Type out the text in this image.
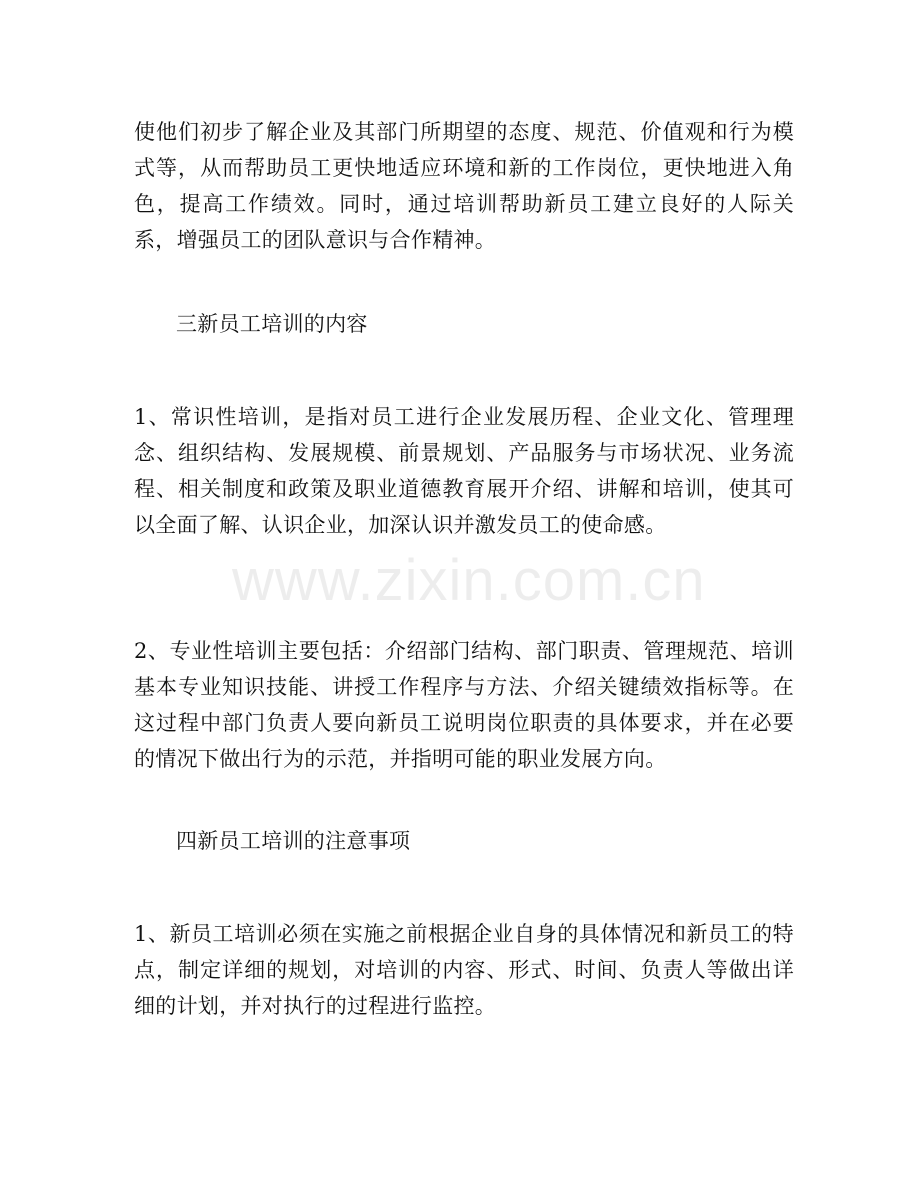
使他们初步了解企业及其部门所期望的态度、规范、价值观和行为模式等，从而帮助员工更快地适应环境和新的工作岗位，更快地进入角色，提高工作绩效。同时，通过培训帮助新员工建立良好的人际关系，增强员工的团队意识与合作精神。

三新员工培训的内容

1、常识性培训，是指对员工进行企业发展历程、企业文化、管理理念、组织结构、发展规模、前景规划、产品服务与市场状况、业务流程、相关制度和政策及职业道德教育展开介绍、讲解和培训，使其可以全面了解、认识企业，加深认识并激发员工的使命感。

www.zixin.com.cn

2、专业性培训主要包括：介绍部门结构、部门职责、管理规范、培训基本专业知识技能、讲授工作程序与方法、介绍关键绩效指标等。在这过程中部门负责人要向新员工说明岗位职责的具体要求，并在必要的情况下做出行为的示范，并指明可能的职业发展方向。

四新员工培训的注意事项

1、新员工培训必须在实施之前根据企业自身的具体情况和新员工的特点，制定详细的规划，对培训的内容、形式、时间、负责人等做出详细的计划，并对执行的过程进行监控。
